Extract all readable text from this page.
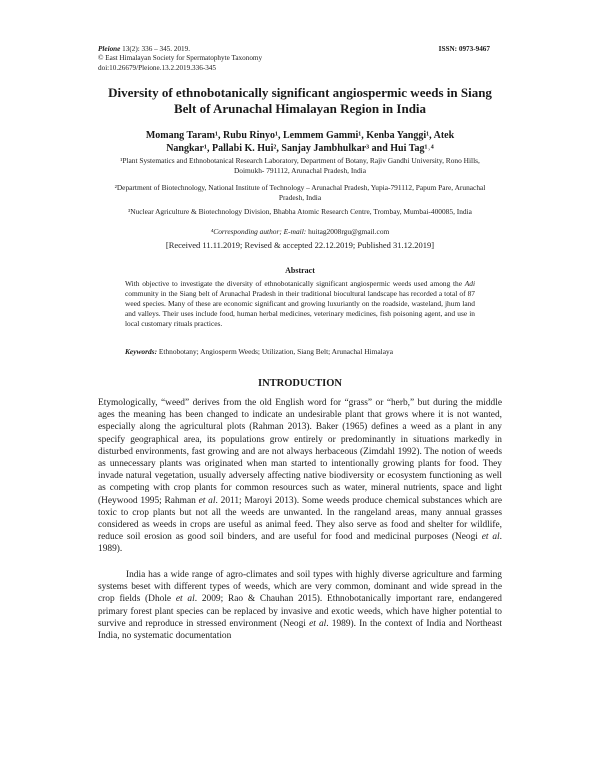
Pleione 13(2): 336 – 345. 2019.
© East Himalayan Society for Spermatophyte Taxonomy
doi:10.26679/Pleione.13.2.2019.336-345
ISSN: 0973-9467
Diversity of ethnobotanically significant angiospermic weeds in Siang Belt of Arunachal Himalayan Region in India
Momang Taram¹, Rubu Rinyo¹, Lemmem Gammi¹, Kenba Yanggi¹, Atek
Nangkar¹, Pallabi K. Hui², Sanjay Jambhulkar³ and Hui Tag¹˒⁴
¹Plant Systematics and Ethnobotanical Research Laboratory, Department of Botany, Rajiv Gandhi University, Rono Hills, Doimukh- 791112, Arunachal Pradesh, India
²Department of Biotechnology, National Institute of Technology – Arunachal Pradesh, Yupia-791112, Papum Pare, Arunachal Pradesh, India
³Nuclear Agriculture & Biotechnology Division, Bhabha Atomic Research Centre, Trombay, Mumbai-400085, India
⁴Corresponding author; E-mail: huitag2008rgu@gmail.com
[Received 11.11.2019; Revised & accepted 22.12.2019; Published 31.12.2019]
Abstract
With objective to investigate the diversity of ethnobotanically significant angiospermic weeds used among the Adi community in the Siang belt of Arunachal Pradesh in their traditional biocultural landscape has recorded a total of 87 weed species. Many of these are economic significant and growing luxuriantly on the roadside, wasteland, jhum land and valleys. Their uses include food, human herbal medicines, veterinary medicines, fish poisoning agent, and use in local customary rituals practices.
Keywords: Ethnobotany; Angiosperm Weeds; Utilization, Siang Belt; Arunachal Himalaya
INTRODUCTION
Etymologically, “weed” derives from the old English word for “grass” or “herb,” but during the middle ages the meaning has been changed to indicate an undesirable plant that grows where it is not wanted, especially along the agricultural plots (Rahman 2013). Baker (1965) defines a weed as a plant in any specify geographical area, its populations grow entirely or predominantly in situations markedly in disturbed environments, fast growing and are not always herbaceous (Zimdahl 1992). The notion of weeds as unnecessary plants was originated when man started to intentionally growing plants for food. They invade natural vegetation, usually adversely affecting native biodiversity or ecosystem functioning as well as competing with crop plants for common resources such as water, mineral nutrients, space and light (Heywood 1995; Rahman et al. 2011; Maroyi 2013). Some weeds produce chemical substances which are toxic to crop plants but not all the weeds are unwanted. In the rangeland areas, many annual grasses considered as weeds in crops are useful as animal feed. They also serve as food and shelter for wildlife, reduce soil erosion as good soil binders, and are useful for food and medicinal purposes (Neogi et al. 1989).
India has a wide range of agro-climates and soil types with highly diverse agriculture and farming systems beset with different types of weeds, which are very common, dominant and wide spread in the crop fields (Dhole et al. 2009; Rao & Chauhan 2015). Ethnobotanically important rare, endangered primary forest plant species can be replaced by invasive and exotic weeds, which have higher potential to survive and reproduce in stressed environment (Neogi et al. 1989). In the context of India and Northeast India, no systematic documentation
